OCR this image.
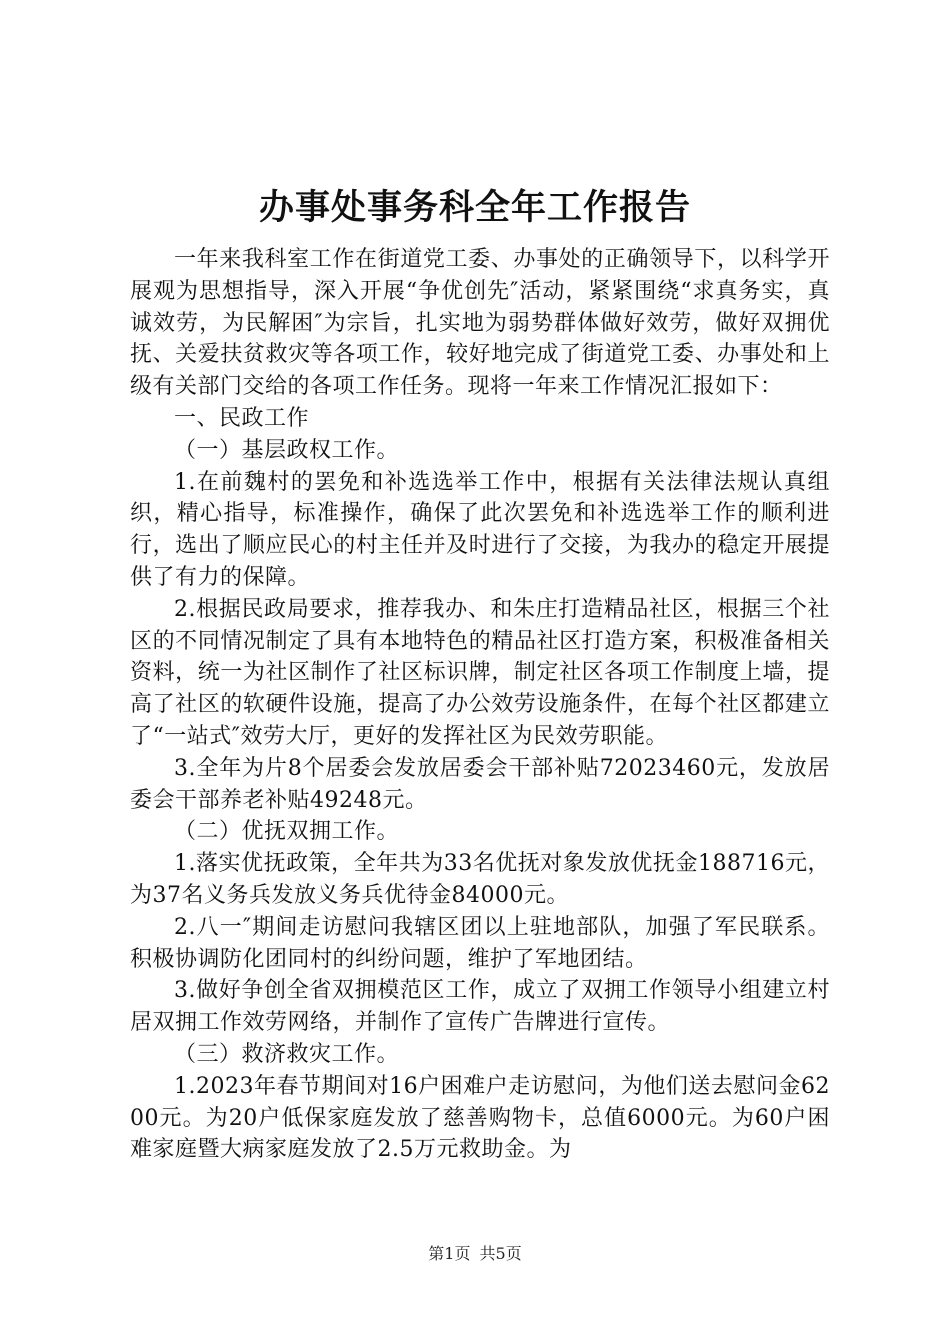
办事处事务科全年工作报告

一年来我科室工作在街道党工委、办事处的正确领导下，以科学开展观为思想指导，深入开展“争优创先″活动，紧紧围绕“求真务实，真诚效劳，为民解困″为宗旨，扎实地为弱势群体做好效劳，做好双拥优抚、关爱扶贫救灾等各项工作，较好地完成了街道党工委、办事处和上级有关部门交给的各项工作任务。现将一年来工作情况汇报如下：

一、民政工作

（一）基层政权工作。

1.在前魏村的罢免和补选选举工作中，根据有关法律法规认真组织，精心指导，标准操作，确保了此次罢免和补选选举工作的顺利进行，选出了顺应民心的村主任并及时进行了交接，为我办的稳定开展提供了有力的保障。

2.根据民政局要求，推荐我办、和朱庄打造精品社区，根据三个社区的不同情况制定了具有本地特色的精品社区打造方案，积极准备相关资料，统一为社区制作了社区标识牌，制定社区各项工作制度上墙，提高了社区的软硬件设施，提高了办公效劳设施条件，在每个社区都建立了“一站式″效劳大厅，更好的发挥社区为民效劳职能。

3.全年为片8个居委会发放居委会干部补贴72023460元，发放居委会干部养老补贴49248元。

（二）优抚双拥工作。

1.落实优抚政策，全年共为33名优抚对象发放优抚金188716元，为37名义务兵发放义务兵优待金84000元。

2.八一″期间走访慰问我辖区团以上驻地部队，加强了军民联系。积极协调防化团同村的纠纷问题，维护了军地团结。

3.做好争创全省双拥模范区工作，成立了双拥工作领导小组建立村居双拥工作效劳网络，并制作了宣传广告牌进行宣传。

（三）救济救灾工作。

1.2023年春节期间对16户困难户走访慰问，为他们送去慰问金6200元。为20户低保家庭发放了慈善购物卡，总值6000元。为60户困难家庭暨大病家庭发放了2.5万元救助金。为

第1页 共5页
